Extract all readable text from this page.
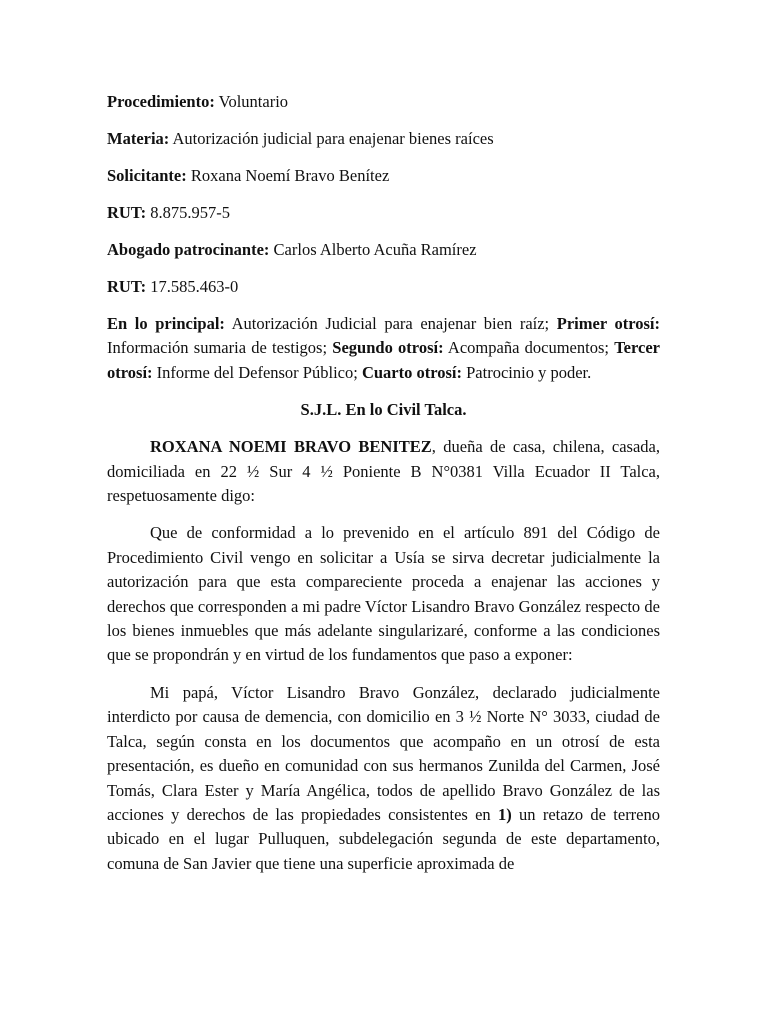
Procedimiento: Voluntario
Materia: Autorización judicial para enajenar bienes raíces
Solicitante: Roxana Noemí Bravo Benítez
RUT: 8.875.957-5
Abogado patrocinante: Carlos Alberto Acuña Ramírez
RUT: 17.585.463-0
En lo principal: Autorización Judicial para enajenar bien raíz; Primer otrosí: Información sumaria de testigos; Segundo otrosí: Acompaña documentos; Tercer otrosí: Informe del Defensor Público; Cuarto otrosí: Patrocinio y poder.
S.J.L. En lo Civil Talca.
ROXANA NOEMI BRAVO BENITEZ, dueña de casa, chilena, casada, domiciliada en 22 ½ Sur 4 ½ Poniente B N°0381 Villa Ecuador II Talca, respetuosamente digo:
Que de conformidad a lo prevenido en el artículo 891 del Código de Procedimiento Civil vengo en solicitar a Usía se sirva decretar judicialmente la autorización para que esta compareciente proceda a enajenar las acciones y derechos que corresponden a mi padre Víctor Lisandro Bravo González respecto de los bienes inmuebles que más adelante singularizaré, conforme a las condiciones que se propondrán y en virtud de los fundamentos que paso a exponer:
Mi papá, Víctor Lisandro Bravo González, declarado judicialmente interdicto por causa de demencia, con domicilio en 3 ½ Norte N° 3033, ciudad de Talca, según consta en los documentos que acompaño en un otrosí de esta presentación, es dueño en comunidad con sus hermanos Zunilda del Carmen, José Tomás, Clara Ester y María Angélica, todos de apellido Bravo González de las acciones y derechos de las propiedades consistentes en 1) un retazo de terreno ubicado en el lugar Pulluquen, subdelegación segunda de este departamento, comuna de San Javier que tiene una superficie aproximada de
